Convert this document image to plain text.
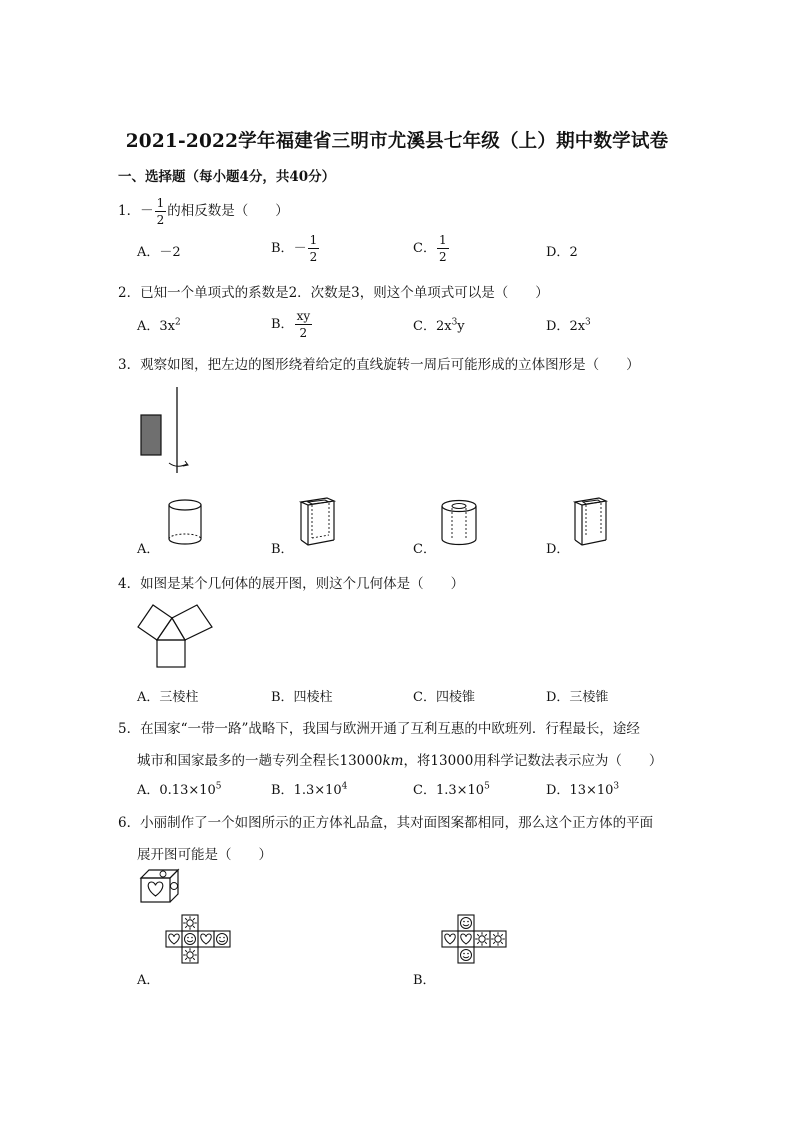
2021-2022学年福建省三明市尤溪县七年级（上）期中数学试卷
一、选择题（每小题4分，共40分）
1．－ $\frac{1}{2}$ 的相反数是（　　）
A．－2	B．－ $\frac{1}{2}$	C． $\frac{1}{2}$	D．2
2．已知一个单项式的系数是2．次数是3，则这个单项式可以是（　　）
A．$3x^2$	B． $\frac{xy}{2}$	C．$2x^3y$	D．$2x^3$
3．观察如图，把左边的图形绕着给定的直线旋转一周后可能形成的立体图形是（　　）
A．	B．	C．	D．
4．如图是某个几何体的展开图，则这个几何体是（　　）
A．三棱柱	B．四棱柱	C．四棱锥	D．三棱锥
5．在国家“一带一路”战略下，我国与欧洲开通了互利互惠的中欧班列．行程最长，途经
城市和国家最多的一趟专列全程长13000km，将13000用科学记数法表示应为（　　）
A．$0.13\times 10^5$	B．$1.3\times 10^4$	C．$1.3\times 10^5$	D．$13\times 10^3$
6．小丽制作了一个如图所示的正方体礼品盒，其对面图案都相同，那么这个正方体的平面
展开图可能是（　　）
A．	B．
